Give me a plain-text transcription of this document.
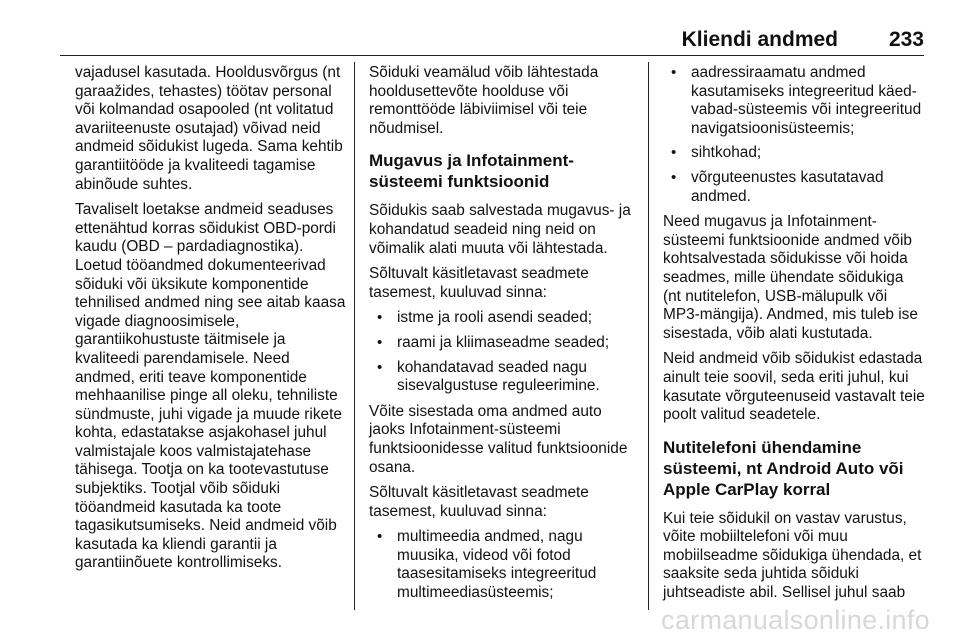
Kliendi andmed 233

vajadusel kasutada. Hooldusvõrgus (nt garaažides, tehastes) töötav personal või kolmandad osapooled (nt volitatud avariiteenuste osutajad) võivad neid andmeid sõidukist lugeda. Sama kehtib garantiitööde ja kvaliteedi tagamise abinõude suhtes.

Tavaliselt loetakse andmeid seaduses ettenähtud korras sõidukist OBD-pordi kaudu (OBD – pardadiagnostika). Loetud tööandmed dokumenteerivad sõiduki või üksikute komponentide tehnilised andmed ning see aitab kaasa vigade diagnoosimisele, garantiikohustuste täitmisele ja kvaliteedi parendamisele. Need andmed, eriti teave komponentide mehhaanilise pinge all oleku, tehniliste sündmuste, juhi vigade ja muude rikete kohta, edastatakse asjakohasel juhul valmistajale koos valmistajatehase tähisega. Tootja on ka tootevastutuse subjektiks. Tootjal võib sõiduki tööandmeid kasutada ka toote tagasikutsumiseks. Neid andmeid võib kasutada ka kliendi garantii ja garantiinõuete kontrollimiseks.

Sõiduki veamälud võib lähtestada hooldusettevõte hoolduse või remonttööde läbiviimisel või teie nõudmisel.

Mugavus ja Infotainment-süsteemi funktsioonid

Sõidukis saab salvestada mugavus- ja kohandatud seadeid ning neid on võimalik alati muuta või lähtestada.

Sõltuvalt käsitletavast seadmete tasemest, kuuluvad sinna:

• istme ja rooli asendi seaded;
• raami ja kliimaseadme seaded;
• kohandatavad seaded nagu sisevalgustuse reguleerimine.

Võite sisestada oma andmed auto jaoks Infotainment-süsteemi funktsioonidesse valitud funktsioonide osana.

Sõltuvalt käsitletavast seadmete tasemest, kuuluvad sinna:

• multimeedia andmed, nagu muusika, videod või fotod taasesitamiseks integreeritud multimeediasüsteemis;
• aadressiraamatu andmed kasutamiseks integreeritud käed-vabad-süsteemis või integreeritud navigatsioonisüsteemis;
• sihtkohad;
• võrguteenustes kasutatavad andmed.

Need mugavus ja Infotainment-süsteemi funktsioonide andmed võib kohtsalvestada sõidukisse või hoida seadmes, mille ühendate sõidukiga (nt nutitelefon, USB-mälupulk või MP3-mängija). Andmed, mis tuleb ise sisestada, võib alati kustutada.

Neid andmeid võib sõidukist edastada ainult teie soovil, seda eriti juhul, kui kasutate võrguteenuseid vastavalt teie poolt valitud seadetele.

Nutitelefoni ühendamine süsteemi, nt Android Auto või Apple CarPlay korral

Kui teie sõidukil on vastav varustus, võite mobiiltelefoni või muu mobiilseadme sõidukiga ühendada, et saaksite seda juhtida sõiduki juhtseadiste abil. Sellisel juhul saab

carmanualsonline.info
